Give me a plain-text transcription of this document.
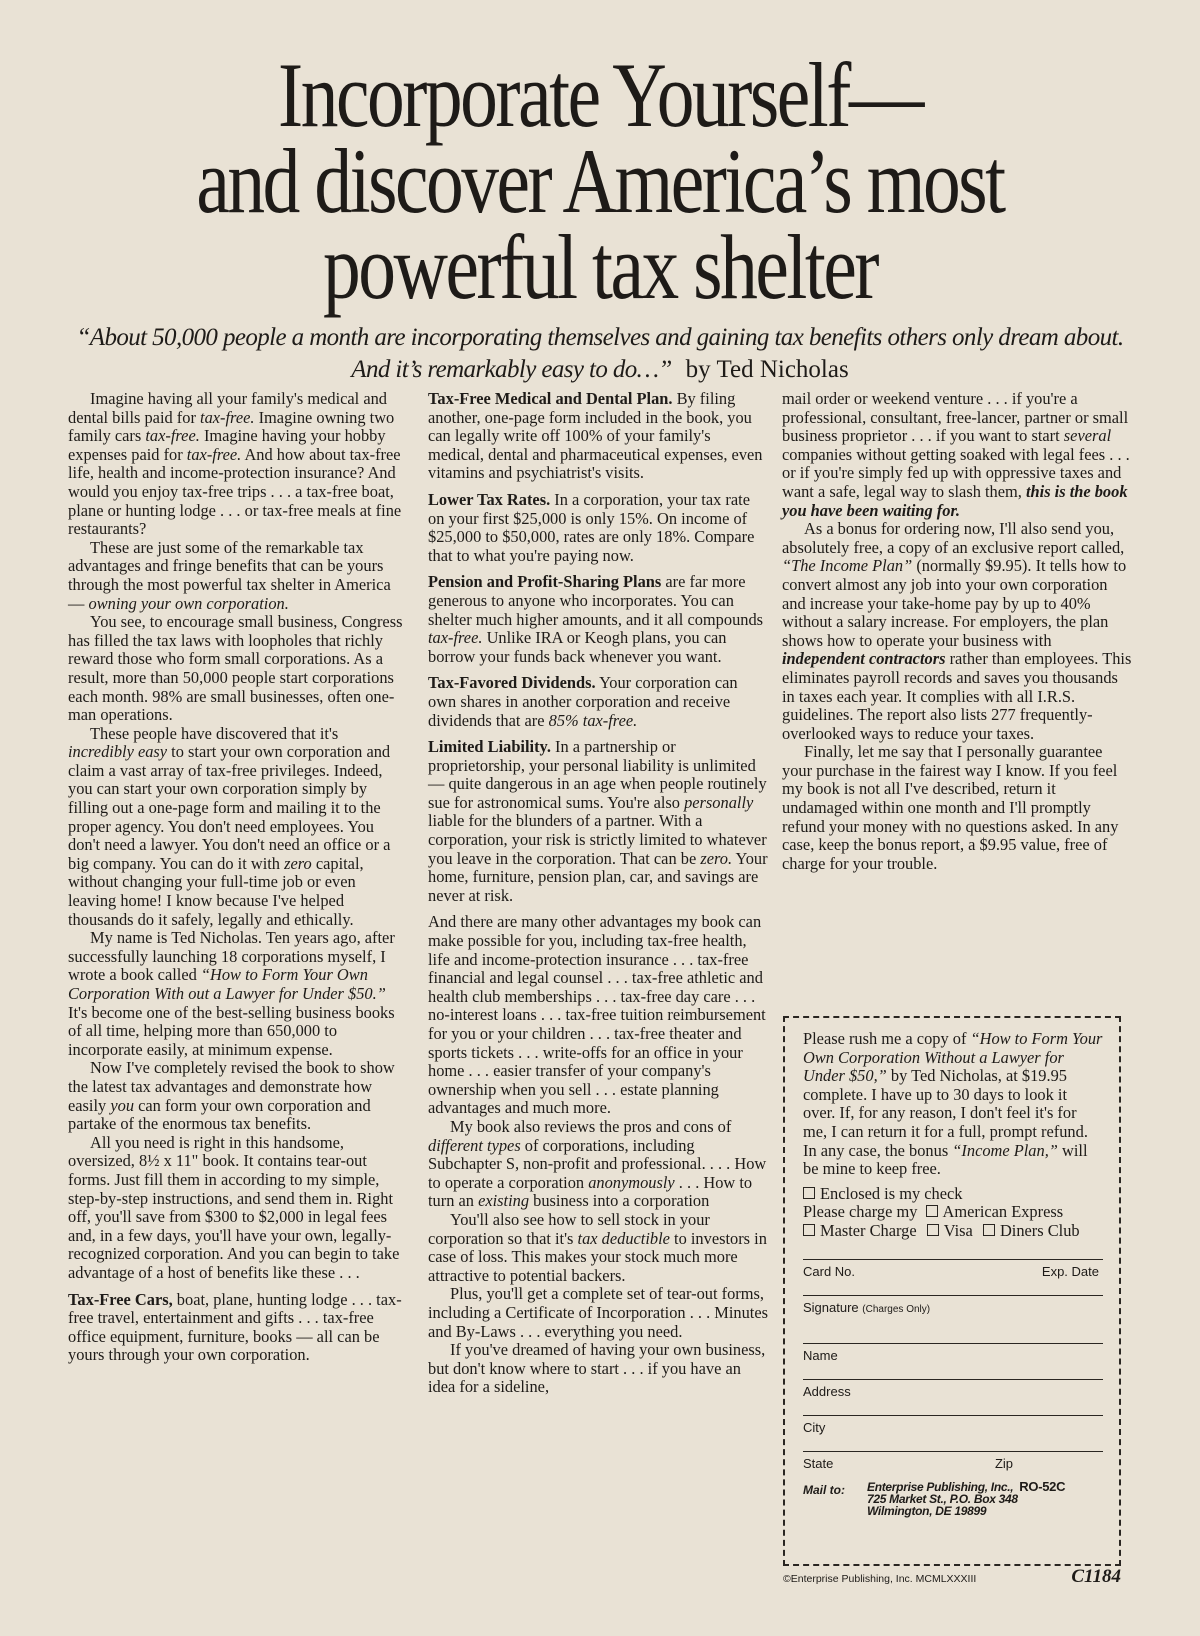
Incorporate Yourself—
and discover America’s most
powerful tax shelter
“About 50,000 people a month are incorporating themselves and gaining tax benefits others only dream about. And it’s remarkably easy to do…” by Ted Nicholas

Imagine having all your family's medical and dental bills paid for tax-free. Imagine owning two family cars tax-free. Imagine having your hobby expenses paid for tax-free. And how about tax-free life, health and income-protection insurance? And would you enjoy tax-free trips . . . a tax-free boat, plane or hunting lodge . . . or tax-free meals at fine restaurants?

These are just some of the remarkable tax advantages and fringe benefits that can be yours through the most powerful tax shelter in America — owning your own corporation.

You see, to encourage small business, Congress has filled the tax laws with loopholes that richly reward those who form small corporations. As a result, more than 50,000 people start corporations each month. 98% are small businesses, often one-man operations.

These people have discovered that it's incredibly easy to start your own corporation and claim a vast array of tax-free privileges. Indeed, you can start your own corporation simply by filling out a one-page form and mailing it to the proper agency. You don't need employees. You don't need a lawyer. You don't need an office or a big company. You can do it with zero capital, without changing your full-time job or even leaving home! I know because I've helped thousands do it safely, legally and ethically.

My name is Ted Nicholas. Ten years ago, after successfully launching 18 corporations myself, I wrote a book called “How to Form Your Own Corporation With out a Lawyer for Under $50.” It's become one of the best-selling business books of all time, helping more than 650,000 to incorporate easily, at minimum expense.

Now I've completely revised the book to show the latest tax advantages and demonstrate how easily you can form your own corporation and partake of the enormous tax benefits.

All you need is right in this handsome, oversized, 8½ x 11" book. It contains tear-out forms. Just fill them in according to my simple, step-by-step instructions, and send them in. Right off, you'll save from $300 to $2,000 in legal fees and, in a few days, you'll have your own, legally-recognized corporation. And you can begin to take advantage of a host of benefits like these . . .

Tax-Free Cars, boat, plane, hunting lodge . . . tax-free travel, entertainment and gifts . . . tax-free office equipment, furniture, books — all can be yours through your own corporation.

Tax-Free Medical and Dental Plan. By filing another, one-page form included in the book, you can legally write off 100% of your family's medical, dental and pharmaceutical expenses, even vitamins and psychiatrist's visits.

Lower Tax Rates. In a corporation, your tax rate on your first $25,000 is only 15%. On income of $25,000 to $50,000, rates are only 18%. Compare that to what you're paying now.

Pension and Profit-Sharing Plans are far more generous to anyone who incorporates. You can shelter much higher amounts, and it all compounds tax-free. Unlike IRA or Keogh plans, you can borrow your funds back whenever you want.

Tax-Favored Dividends. Your corporation can own shares in another corporation and receive dividends that are 85% tax-free.

Limited Liability. In a partnership or proprietorship, your personal liability is unlimited — quite dangerous in an age when people routinely sue for astronomical sums. You're also personally liable for the blunders of a partner. With a corporation, your risk is strictly limited to whatever you leave in the corporation. That can be zero. Your home, furniture, pension plan, car, and savings are never at risk.

And there are many other advantages my book can make possible for you, including tax-free health, life and income-protection insurance . . . tax-free financial and legal counsel . . . tax-free athletic and health club memberships . . . tax-free day care . . . no-interest loans . . . tax-free tuition reimbursement for you or your children . . . tax-free theater and sports tickets . . . write-offs for an office in your home . . . easier transfer of your company's ownership when you sell . . . estate planning advantages and much more.

My book also reviews the pros and cons of different types of corporations, including Subchapter S, non-profit and professional. . . . How to operate a corporation anonymously . . . How to turn an existing business into a corporation

You'll also see how to sell stock in your corporation so that it's tax deductible to investors in case of loss. This makes your stock much more attractive to potential backers.

Plus, you'll get a complete set of tear-out forms, including a Certificate of Incorporation . . . Minutes and By-Laws . . . everything you need.

If you've dreamed of having your own business, but don't know where to start . . . if you have an idea for a sideline,

mail order or weekend venture . . . if you're a professional, consultant, free-lancer, partner or small business proprietor . . . if you want to start several companies without getting soaked with legal fees . . . or if you're simply fed up with oppressive taxes and want a safe, legal way to slash them, this is the book you have been waiting for.

As a bonus for ordering now, I'll also send you, absolutely free, a copy of an exclusive report called, “The Income Plan” (normally $9.95). It tells how to convert almost any job into your own corporation and increase your take-home pay by up to 40% without a salary increase. For employers, the plan shows how to operate your business with independent contractors rather than employees. This eliminates payroll records and saves you thousands in taxes each year. It complies with all I.R.S. guidelines. The report also lists 277 frequently-overlooked ways to reduce your taxes.

Finally, let me say that I personally guarantee your purchase in the fairest way I know. If you feel my book is not all I've described, return it undamaged within one month and I'll promptly refund your money with no questions asked. In any case, keep the bonus report, a $9.95 value, free of charge for your trouble.

Please rush me a copy of “How to Form Your Own Corporation Without a Lawyer for Under $50,” by Ted Nicholas, at $19.95 complete. I have up to 30 days to look it over. If, for any reason, I don't feel it's for me, I can return it for a full, prompt refund. In any case, the bonus “Income Plan,” will be mine to keep free.
Enclosed is my check
Please charge my American Express
Master Charge Visa Diners Club
Card No.	Exp. Date
Signature (Charges Only)
Name
Address
City
State	Zip
Mail to:	Enterprise Publishing, Inc., RO-52C
725 Market St., P.O. Box 348
Wilmington, DE 19899
©Enterprise Publishing, Inc. MCMLXXXIII	C1184
